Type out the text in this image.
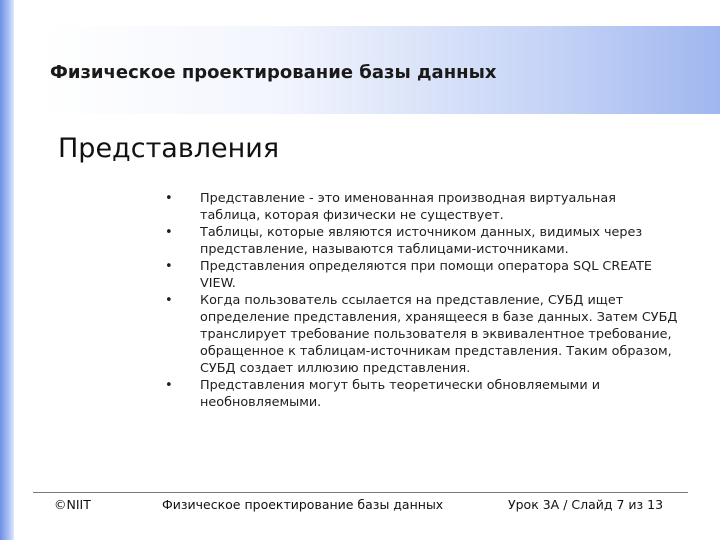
Физическое проектирование базы данных
Представления
• Представление - это именованная производная виртуальная таблица, которая физически не существует.
• Таблицы, которые являются источником данных, видимых через представление, называются таблицами-источниками.
• Представления определяются при помощи оператора SQL CREATE VIEW.
• Когда пользователь ссылается на представление, СУБД ищет определение представления, хранящееся в базе данных. Затем СУБД транслирует требование пользователя в эквивалентное требование, обращенное к таблицам-источникам представления. Таким образом, СУБД создает иллюзию представления.
• Представления могут быть теоретически обновляемыми и необновляемыми.
©NIIT	Физическое проектирование базы данных	Урок 3А / Слайд 7 из 13
